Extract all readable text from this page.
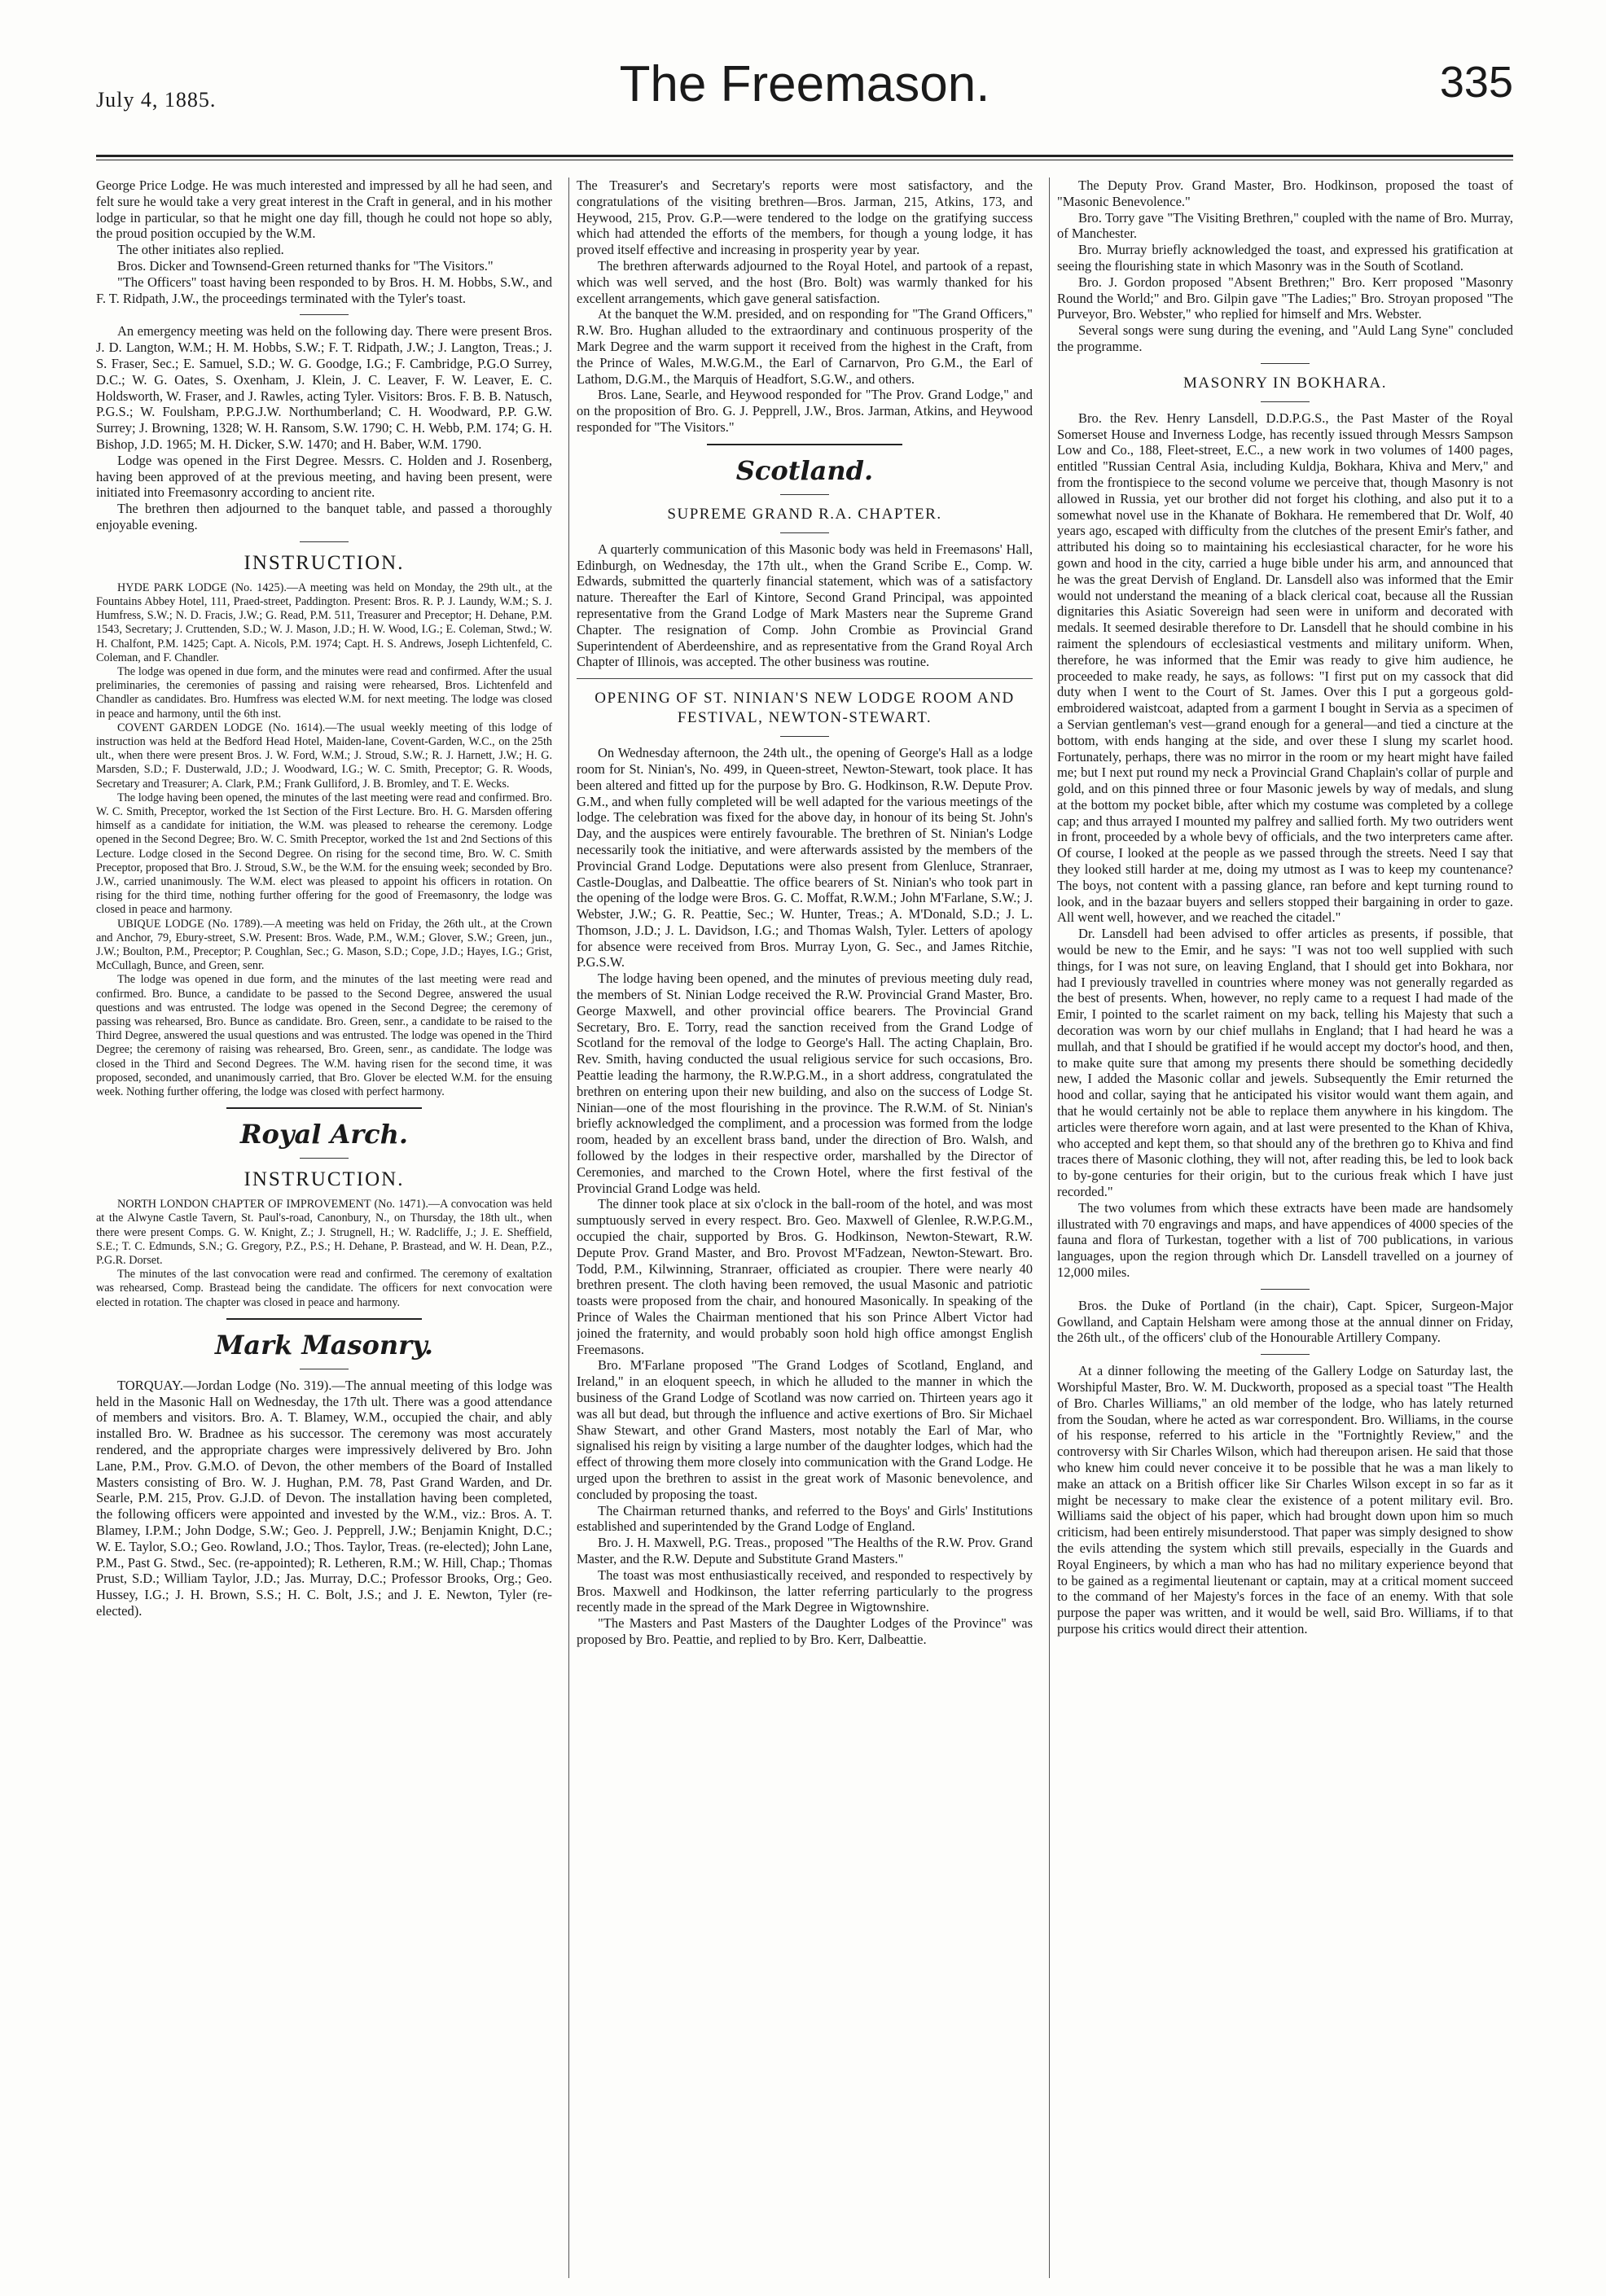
July 4, 1885.	The Freemason.	335

George Price Lodge. He was much interested and impressed by all he had seen, and felt sure he would take a very great interest in the Craft in general, and in his mother lodge in particular, so that he might one day fill, though he could not hope so ably, the proud position occupied by the W.M.

The other initiates also replied.

Bros. Dicker and Townsend-Green returned thanks for "The Visitors."

"The Officers" toast having been responded to by Bros. H. M. Hobbs, S.W., and F. T. Ridpath, J.W., the proceedings terminated with the Tyler's toast.

An emergency meeting was held on the following day. There were present Bros. J. D. Langton, W.M.; H. M. Hobbs, S.W.; F. T. Ridpath, J.W.; J. Langton, Treas.; J. S. Fraser, Sec.; E. Samuel, S.D.; W. G. Goodge, I.G.; F. Cambridge, P.G.O Surrey, D.C.; W. G. Oates, S. Oxenham, J. Klein, J. C. Leaver, F. W. Leaver, E. C. Holdsworth, W. Fraser, and J. Rawles, acting Tyler. Visitors: Bros. F. B. B. Natusch, P.G.S.; W. Foulsham, P.P.G.J.W. Northumberland; C. H. Woodward, P.P. G.W. Surrey; J. Browning, 1328; W. H. Ransom, S.W. 1790; C. H. Webb, P.M. 174; G. H. Bishop, J.D. 1965; M. H. Dicker, S.W. 1470; and H. Baber, W.M. 1790.

Lodge was opened in the First Degree. Messrs. C. Holden and J. Rosenberg, having been approved of at the previous meeting, and having been present, were initiated into Freemasonry according to ancient rite.

The brethren then adjourned to the banquet table, and passed a thoroughly enjoyable evening.

INSTRUCTION.

HYDE PARK LODGE (No. 1425).—A meeting was held on Monday, the 29th ult., at the Fountains Abbey Hotel, 111, Praed-street, Paddington. Present: Bros. R. P. J. Laundy, W.M.; S. J. Humfress, S.W.; N. D. Fracis, J.W.; G. Read, P.M. 511, Treasurer and Preceptor; H. Dehane, P.M. 1543, Secretary; J. Cruttenden, S.D.; W. J. Mason, J.D.; H. W. Wood, I.G.; E. Coleman, Stwd.; W. H. Chalfont, P.M. 1425; Capt. A. Nicols, P.M. 1974; Capt. H. S. Andrews, Joseph Lichtenfeld, C. Coleman, and F. Chandler.

The lodge was opened in due form, and the minutes were read and confirmed. After the usual preliminaries, the ceremonies of passing and raising were rehearsed, Bros. Lichtenfeld and Chandler as candidates. Bro. Humfress was elected W.M. for next meeting. The lodge was closed in peace and harmony, until the 6th inst.

COVENT GARDEN LODGE (No. 1614).—The usual weekly meeting of this lodge of instruction was held at the Bedford Head Hotel, Maiden-lane, Covent-Garden, W.C., on the 25th ult., when there were present Bros. J. W. Ford, W.M.; J. Stroud, S.W.; R. J. Harnett, J.W.; H. G. Marsden, S.D.; F. Dusterwald, J.D.; J. Woodward, I.G.; W. C. Smith, Preceptor; G. R. Woods, Secretary and Treasurer; A. Clark, P.M.; Frank Gulliford, J. B. Bromley, and T. E. Wecks.

The lodge having been opened, the minutes of the last meeting were read and confirmed. Bro. W. C. Smith, Preceptor, worked the 1st Section of the First Lecture. Bro. H. G. Marsden offering himself as a candidate for initiation, the W.M. was pleased to rehearse the ceremony. Lodge opened in the Second Degree; Bro. W. C. Smith Preceptor, worked the 1st and 2nd Sections of this Lecture. Lodge closed in the Second Degree. On rising for the second time, Bro. W. C. Smith Preceptor, proposed that Bro. J. Stroud, S.W., be the W.M. for the ensuing week; seconded by Bro. J.W., carried unanimously. The W.M. elect was pleased to appoint his officers in rotation. On rising for the third time, nothing further offering for the good of Freemasonry, the lodge was closed in peace and harmony.

UBIQUE LODGE (No. 1789).—A meeting was held on Friday, the 26th ult., at the Crown and Anchor, 79, Ebury-street, S.W. Present: Bros. Wade, P.M., W.M.; Glover, S.W.; Green, jun., J.W.; Boulton, P.M., Preceptor; P. Coughlan, Sec.; G. Mason, S.D.; Cope, J.D.; Hayes, I.G.; Grist, McCullagh, Bunce, and Green, senr.

The lodge was opened in due form, and the minutes of the last meeting were read and confirmed. Bro. Bunce, a candidate to be passed to the Second Degree, answered the usual questions and was entrusted. The lodge was opened in the Second Degree; the ceremony of passing was rehearsed, Bro. Bunce as candidate. Bro. Green, senr., a candidate to be raised to the Third Degree, answered the usual questions and was entrusted. The lodge was opened in the Third Degree; the ceremony of raising was rehearsed, Bro. Green, senr., as candidate. The lodge was closed in the Third and Second Degrees. The W.M. having risen for the second time, it was proposed, seconded, and unanimously carried, that Bro. Glover be elected W.M. for the ensuing week. Nothing further offering, the lodge was closed with perfect harmony.

Royal Arch.
INSTRUCTION.

NORTH LONDON CHAPTER OF IMPROVEMENT (No. 1471).—A convocation was held at the Alwyne Castle Tavern, St. Paul's-road, Canonbury, N., on Thursday, the 18th ult., when there were present Comps. G. W. Knight, Z.; J. Strugnell, H.; W. Radcliffe, J.; J. E. Sheffield, S.E.; T. C. Edmunds, S.N.; G. Gregory, P.Z., P.S.; H. Dehane, P. Brastead, and W. H. Dean, P.Z., P.G.R. Dorset.

The minutes of the last convocation were read and confirmed. The ceremony of exaltation was rehearsed, Comp. Brastead being the candidate. The officers for next convocation were elected in rotation. The chapter was closed in peace and harmony.

Mark Masonry.

TORQUAY.—Jordan Lodge (No. 319).—The annual meeting of this lodge was held in the Masonic Hall on Wednesday, the 17th ult. There was a good attendance of members and visitors. Bro. A. T. Blamey, W.M., occupied the chair, and ably installed Bro. W. Bradnee as his successor. The ceremony was most accurately rendered, and the appropriate charges were impressively delivered by Bro. John Lane, P.M., Prov. G.M.O. of Devon, the other members of the Board of Installed Masters consisting of Bro. W. J. Hughan, P.M. 78, Past Grand Warden, and Dr. Searle, P.M. 215, Prov. G.J.D. of Devon. The installation having been completed, the following officers were appointed and invested by the W.M., viz.: Bros. A. T. Blamey, I.P.M.; John Dodge, S.W.; Geo. J. Pepprell, J.W.; Benjamin Knight, D.C.; W. E. Taylor, S.O.; Geo. Rowland, J.O.; Thos. Taylor, Treas. (re-elected); John Lane, P.M., Past G. Stwd., Sec. (re-appointed); R. Letheren, R.M.; W. Hill, Chap.; Thomas Prust, S.D.; William Taylor, J.D.; Jas. Murray, D.C.; Professor Brooks, Org.; Geo. Hussey, I.G.; J. H. Brown, S.S.; H. C. Bolt, J.S.; and J. E. Newton, Tyler (re-elected).

The Treasurer's and Secretary's reports were most satisfactory, and the congratulations of the visiting brethren—Bros. Jarman, 215, Atkins, 173, and Heywood, 215, Prov. G.P.—were tendered to the lodge on the gratifying success which had attended the efforts of the members, for though a young lodge, it has proved itself effective and increasing in prosperity year by year.

The brethren afterwards adjourned to the Royal Hotel, and partook of a repast, which was well served, and the host (Bro. Bolt) was warmly thanked for his excellent arrangements, which gave general satisfaction.

At the banquet the W.M. presided, and on responding for "The Grand Officers," R.W. Bro. Hughan alluded to the extraordinary and continuous prosperity of the Mark Degree and the warm support it received from the highest in the Craft, from the Prince of Wales, M.W.G.M., the Earl of Carnarvon, Pro G.M., the Earl of Lathom, D.G.M., the Marquis of Headfort, S.G.W., and others.

Bros. Lane, Searle, and Heywood responded for "The Prov. Grand Lodge," and on the proposition of Bro. G. J. Pepprell, J.W., Bros. Jarman, Atkins, and Heywood responded for "The Visitors."

Scotland.
SUPREME GRAND R.A. CHAPTER.

A quarterly communication of this Masonic body was held in Freemasons' Hall, Edinburgh, on Wednesday, the 17th ult., when the Grand Scribe E., Comp. W. Edwards, submitted the quarterly financial statement, which was of a satisfactory nature. Thereafter the Earl of Kintore, Second Grand Principal, was appointed representative from the Grand Lodge of Mark Masters near the Supreme Grand Chapter. The resignation of Comp. John Crombie as Provincial Grand Superintendent of Aberdeenshire, and as representative from the Grand Royal Arch Chapter of Illinois, was accepted. The other business was routine.

OPENING OF ST. NINIAN'S NEW LODGE ROOM AND FESTIVAL, NEWTON-STEWART.

On Wednesday afternoon, the 24th ult., the opening of George's Hall as a lodge room for St. Ninian's, No. 499, in Queen-street, Newton-Stewart, took place. It has been altered and fitted up for the purpose by Bro. G. Hodkinson, R.W. Depute Prov. G.M., and when fully completed will be well adapted for the various meetings of the lodge. The celebration was fixed for the above day, in honour of its being St. John's Day, and the auspices were entirely favourable. The brethren of St. Ninian's Lodge necessarily took the initiative, and were afterwards assisted by the members of the Provincial Grand Lodge. Deputations were also present from Glenluce, Stranraer, Castle-Douglas, and Dalbeattie. The office bearers of St. Ninian's who took part in the opening of the lodge were Bros. G. C. Moffat, R.W.M.; John M'Farlane, S.W.; J. Webster, J.W.; G. R. Peattie, Sec.; W. Hunter, Treas.; A. M'Donald, S.D.; J. L. Thomson, J.D.; J. L. Davidson, I.G.; and Thomas Walsh, Tyler. Letters of apology for absence were received from Bros. Murray Lyon, G. Sec., and James Ritchie, P.G.S.W.

The lodge having been opened, and the minutes of previous meeting duly read, the members of St. Ninian Lodge received the R.W. Provincial Grand Master, Bro. George Maxwell, and other provincial office bearers. The Provincial Grand Secretary, Bro. E. Torry, read the sanction received from the Grand Lodge of Scotland for the removal of the lodge to George's Hall. The acting Chaplain, Bro. Rev. Smith, having conducted the usual religious service for such occasions, Bro. Peattie leading the harmony, the R.W.P.G.M., in a short address, congratulated the brethren on entering upon their new building, and also on the success of Lodge St. Ninian—one of the most flourishing in the province. The R.W.M. of St. Ninian's briefly acknowledged the compliment, and a procession was formed from the lodge room, headed by an excellent brass band, under the direction of Bro. Walsh, and followed by the lodges in their respective order, marshalled by the Director of Ceremonies, and marched to the Crown Hotel, where the first festival of the Provincial Grand Lodge was held.

The dinner took place at six o'clock in the ball-room of the hotel, and was most sumptuously served in every respect. Bro. Geo. Maxwell of Glenlee, R.W.P.G.M., occupied the chair, supported by Bros. G. Hodkinson, Newton-Stewart, R.W. Depute Prov. Grand Master, and Bro. Provost M'Fadzean, Newton-Stewart. Bro. Todd, P.M., Kilwinning, Stranraer, officiated as croupier. There were nearly 40 brethren present. The cloth having been removed, the usual Masonic and patriotic toasts were proposed from the chair, and honoured Masonically. In speaking of the Prince of Wales the Chairman mentioned that his son Prince Albert Victor had joined the fraternity, and would probably soon hold high office amongst English Freemasons.

Bro. M'Farlane proposed "The Grand Lodges of Scotland, England, and Ireland," in an eloquent speech, in which he alluded to the manner in which the business of the Grand Lodge of Scotland was now carried on. Thirteen years ago it was all but dead, but through the influence and active exertions of Bro. Sir Michael Shaw Stewart, and other Grand Masters, most notably the Earl of Mar, who signalised his reign by visiting a large number of the daughter lodges, which had the effect of throwing them more closely into communication with the Grand Lodge. He urged upon the brethren to assist in the great work of Masonic benevolence, and concluded by proposing the toast.

The Chairman returned thanks, and referred to the Boys' and Girls' Institutions established and superintended by the Grand Lodge of England.

Bro. J. H. Maxwell, P.G. Treas., proposed "The Healths of the R.W. Prov. Grand Master, and the R.W. Depute and Substitute Grand Masters."

The toast was most enthusiastically received, and responded to respectively by Bros. Maxwell and Hodkinson, the latter referring particularly to the progress recently made in the spread of the Mark Degree in Wigtownshire.

"The Masters and Past Masters of the Daughter Lodges of the Province" was proposed by Bro. Peattie, and replied to by Bro. Kerr, Dalbeattie.

The Deputy Prov. Grand Master, Bro. Hodkinson, proposed the toast of "Masonic Benevolence."

Bro. Torry gave "The Visiting Brethren," coupled with the name of Bro. Murray, of Manchester.

Bro. Murray briefly acknowledged the toast, and expressed his gratification at seeing the flourishing state in which Masonry was in the South of Scotland.

Bro. J. Gordon proposed "Absent Brethren;" Bro. Kerr proposed "Masonry Round the World;" and Bro. Gilpin gave "The Ladies;" Bro. Stroyan proposed "The Purveyor, Bro. Webster," who replied for himself and Mrs. Webster.

Several songs were sung during the evening, and "Auld Lang Syne" concluded the programme.

MASONRY IN BOKHARA.

Bro. the Rev. Henry Lansdell, D.D.P.G.S., the Past Master of the Royal Somerset House and Inverness Lodge, has recently issued through Messrs Sampson Low and Co., 188, Fleet-street, E.C., a new work in two volumes of 1400 pages, entitled "Russian Central Asia, including Kuldja, Bokhara, Khiva and Merv," and from the frontispiece to the second volume we perceive that, though Masonry is not allowed in Russia, yet our brother did not forget his clothing, and also put it to a somewhat novel use in the Khanate of Bokhara. He remembered that Dr. Wolf, 40 years ago, escaped with difficulty from the clutches of the present Emir's father, and attributed his doing so to maintaining his ecclesiastical character, for he wore his gown and hood in the city, carried a huge bible under his arm, and announced that he was the great Dervish of England. Dr. Lansdell also was informed that the Emir would not understand the meaning of a black clerical coat, because all the Russian dignitaries this Asiatic Sovereign had seen were in uniform and decorated with medals. It seemed desirable therefore to Dr. Lansdell that he should combine in his raiment the splendours of ecclesiastical vestments and military uniform. When, therefore, he was informed that the Emir was ready to give him audience, he proceeded to make ready, he says, as follows: "I first put on my cassock that did duty when I went to the Court of St. James. Over this I put a gorgeous gold-embroidered waistcoat, adapted from a garment I bought in Servia as a specimen of a Servian gentleman's vest—grand enough for a general—and tied a cincture at the bottom, with ends hanging at the side, and over these I slung my scarlet hood. Fortunately, perhaps, there was no mirror in the room or my heart might have failed me; but I next put round my neck a Provincial Grand Chaplain's collar of purple and gold, and on this pinned three or four Masonic jewels by way of medals, and slung at the bottom my pocket bible, after which my costume was completed by a college cap; and thus arrayed I mounted my palfrey and sallied forth. My two outriders went in front, proceeded by a whole bevy of officials, and the two interpreters came after. Of course, I looked at the people as we passed through the streets. Need I say that they looked still harder at me, doing my utmost as I was to keep my countenance? The boys, not content with a passing glance, ran before and kept turning round to look, and in the bazaar buyers and sellers stopped their bargaining in order to gaze. All went well, however, and we reached the citadel."

Dr. Lansdell had been advised to offer articles as presents, if possible, that would be new to the Emir, and he says: "I was not too well supplied with such things, for I was not sure, on leaving England, that I should get into Bokhara, nor had I previously travelled in countries where money was not generally regarded as the best of presents. When, however, no reply came to a request I had made of the Emir, I pointed to the scarlet raiment on my back, telling his Majesty that such a decoration was worn by our chief mullahs in England; that I had heard he was a mullah, and that I should be gratified if he would accept my doctor's hood, and then, to make quite sure that among my presents there should be something decidedly new, I added the Masonic collar and jewels. Subsequently the Emir returned the hood and collar, saying that he anticipated his visitor would want them again, and that he would certainly not be able to replace them anywhere in his kingdom. The articles were therefore worn again, and at last were presented to the Khan of Khiva, who accepted and kept them, so that should any of the brethren go to Khiva and find traces there of Masonic clothing, they will not, after reading this, be led to look back to by-gone centuries for their origin, but to the curious freak which I have just recorded."

The two volumes from which these extracts have been made are handsomely illustrated with 70 engravings and maps, and have appendices of 4000 species of the fauna and flora of Turkestan, together with a list of 700 publications, in various languages, upon the region through which Dr. Lansdell travelled on a journey of 12,000 miles.

Bros. the Duke of Portland (in the chair), Capt. Spicer, Surgeon-Major Gowlland, and Captain Helsham were among those at the annual dinner on Friday, the 26th ult., of the officers' club of the Honourable Artillery Company.

At a dinner following the meeting of the Gallery Lodge on Saturday last, the Worshipful Master, Bro. W. M. Duckworth, proposed as a special toast "The Health of Bro. Charles Williams," an old member of the lodge, who has lately returned from the Soudan, where he acted as war correspondent. Bro. Williams, in the course of his response, referred to his article in the "Fortnightly Review," and the controversy with Sir Charles Wilson, which had thereupon arisen. He said that those who knew him could never conceive it to be possible that he was a man likely to make an attack on a British officer like Sir Charles Wilson except in so far as it might be necessary to make clear the existence of a potent military evil. Bro. Williams said the object of his paper, which had brought down upon him so much criticism, had been entirely misunderstood. That paper was simply designed to show the evils attending the system which still prevails, especially in the Guards and Royal Engineers, by which a man who has had no military experience beyond that to be gained as a regimental lieutenant or captain, may at a critical moment succeed to the command of her Majesty's forces in the face of an enemy. With that sole purpose the paper was written, and it would be well, said Bro. Williams, if to that purpose his critics would direct their attention.
